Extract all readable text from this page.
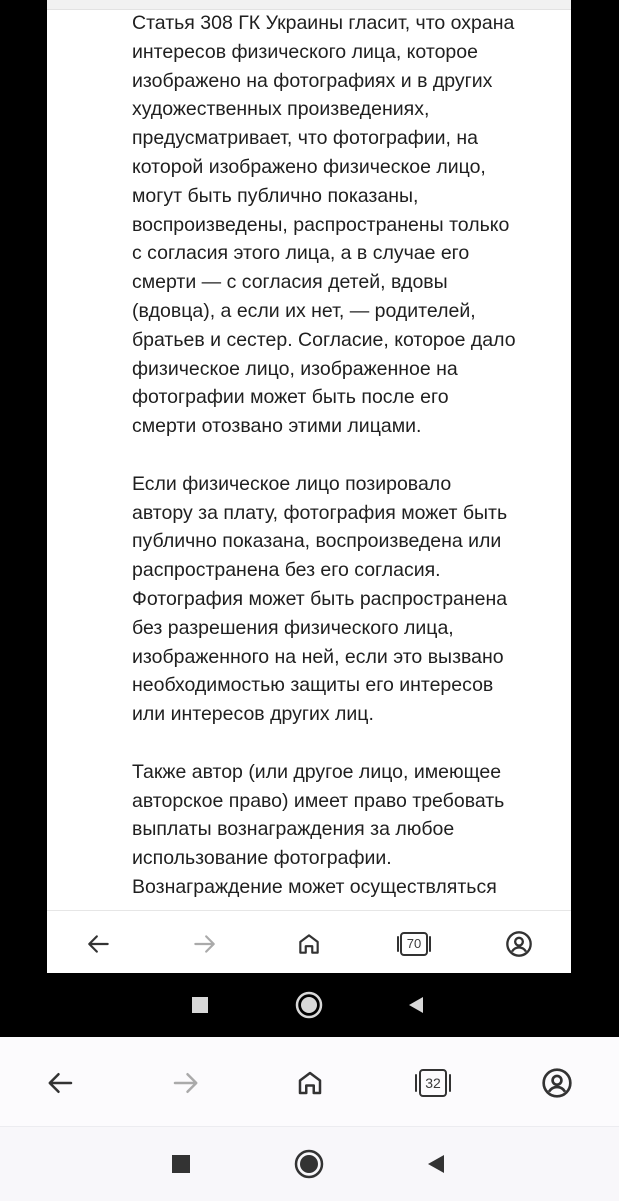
Статья 308 ГК Украины гласит, что охрана
интересов физического лица, которое
изображено на фотографиях и в других
художественных произведениях,
предусматривает, что фотографии, на
которой изображено физическое лицо,
могут быть публично показаны,
воспроизведены, распространены только
с согласия этого лица, а в случае его
смерти — с согласия детей, вдовы
(вдовца), а если их нет, — родителей,
братьев и сестер. Согласие, которое дало
физическое лицо, изображенное на
фотографии может быть после его
смерти отозвано этими лицами.

Если физическое лицо позировало
автору за плату, фотография может быть
публично показана, воспроизведена или
распространена без его согласия.
Фотография может быть распространена
без разрешения физического лица,
изображенного на ней, если это вызвано
необходимостью защиты его интересов
или интересов других лиц.

Также автор (или другое лицо, имеющее
авторское право) имеет право требовать
выплаты вознаграждения за любое
использование фотографии.
Вознаграждение может осуществляться

70
32
